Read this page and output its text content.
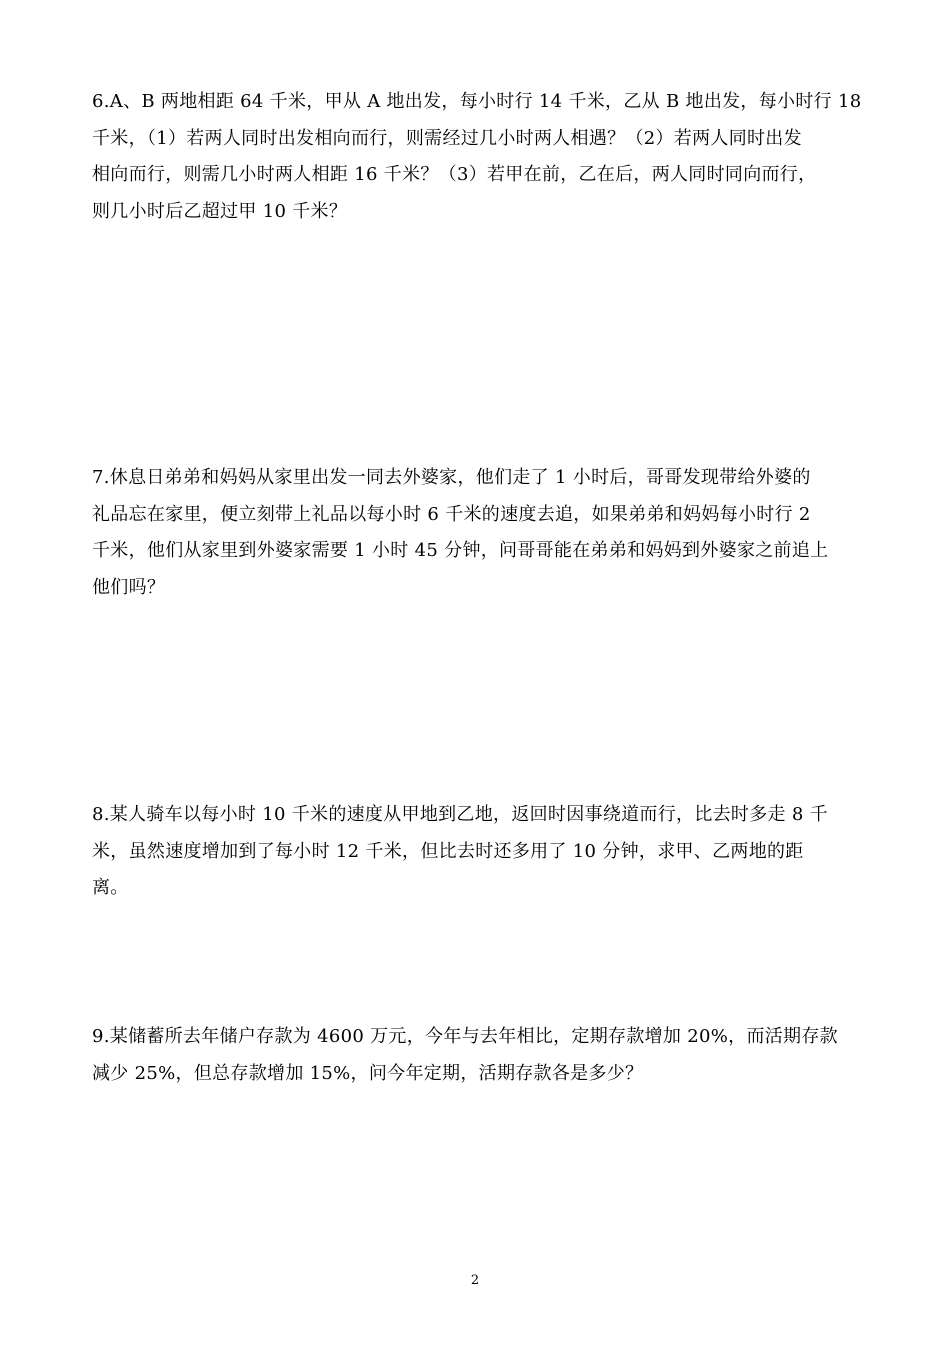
6.A、B 两地相距 64 千米，甲从 A 地出发，每小时行 14 千米，乙从 B 地出发，每小时行 18
千米，（1）若两人同时出发相向而行，则需经过几小时两人相遇？（2）若两人同时出发
相向而行，则需几小时两人相距 16 千米？（3）若甲在前，乙在后，两人同时同向而行，
则几小时后乙超过甲 10 千米？

7.休息日弟弟和妈妈从家里出发一同去外婆家，他们走了 1 小时后，哥哥发现带给外婆的
礼品忘在家里，便立刻带上礼品以每小时 6 千米的速度去追，如果弟弟和妈妈每小时行 2
千米，他们从家里到外婆家需要 1 小时 45 分钟，问哥哥能在弟弟和妈妈到外婆家之前追上
他们吗？

8.某人骑车以每小时 10 千米的速度从甲地到乙地，返回时因事绕道而行，比去时多走 8 千
米，虽然速度增加到了每小时 12 千米，但比去时还多用了 10 分钟，求甲、乙两地的距
离。

9.某储蓄所去年储户存款为 4600 万元，今年与去年相比，定期存款增加 20%，而活期存款
减少 25%，但总存款增加 15%，问今年定期，活期存款各是多少？

2
